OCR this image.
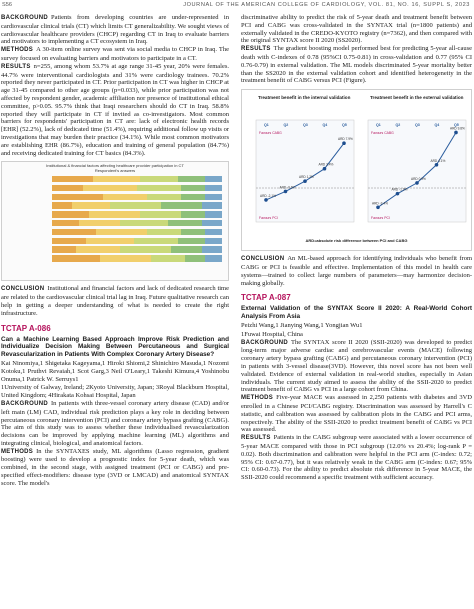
S56	JOURNAL OF THE AMERICAN COLLEGE OF CARDIOLOGY, VOL. 81, NO. 16, SUPPL S, 2023
BACKGROUND Patients from developing countries are under-represented in cardiovascular clinical trials (CT) which limits CT generalizability. We sought views of cardiovascular healthcare providers (CHCP) regarding CT in Iraq to evaluate barriers and motivators to implementing a CT ecosystem in Iraq.
METHODS A 30-item online survey was sent via social media to CHCP in Iraq. The survey focused on evaluating barriers and motivators to participate in a CT.
RESULTS n=255, among whom 53.7% at age range 31-45 year, 20% were females. 44.7% were interventional cardiologists and 31% were cardiology trainees. 70.2% reported they never participated in CT. Prior participation in CT was higher in CHCP at age 31-45 compared to other age groups (p=0.033), while prior participation was not affected by respondent gender, academic affiliation nor presence of institutional ethical committee, p>0.05. 95.7% think that Iraqi researchers should do CT in Iraq. 58.8% reported they will participate in CT if invited as co-investigators. Most common barriers for respondents' participation in CT are: lack of electronic health records [EHR] (52.2%), lack of dedicated time (51.4%), requiring additional follow up visits or investigations that may burden their practice (34.1%). While most common motivators are establishing EHR (86.7%), education and training of general population (84.7%) and receiving dedicated training for CT basics (84.3%).
Institutional & financial factors affecting healthcare provider participation in CT
Respondent's answers
CONCLUSION Institutional and financial factors and lack of dedicated research time are related to the cardiovascular clinical trial lag in Iraq. Future qualitative research can help in getting a deeper understanding of what is needed to create the right infrastructure.
TCTAP A-086
Can a Machine Learning Based Approach Improve Risk Prediction and Individualize Decision Making Between Percutaneous and Surgical Revascularization in Patients With Complex Coronary Artery Disease?
Kai Ninomiya,1 Shigetaka Kageyama,1 Hiroki Shiomi,2 Shinichiro Masuda,1 Nozomi Kotoku,1 Pruthvi Revaiah,1 Scot Garg,3 Neil O'Leary,1 Takeshi Kimura,4 Yoshinobu Onuma,1 Patrick W. Serruys1
1University of Galway, Ireland; 2Kyoto University, Japan; 3Royal Blackburn Hospital, United Kingdom; 4Hirakata Kohsai Hospital, Japan
BACKGROUND In patients with three-vessel coronary artery disease (CAD) and/or left main (LM) CAD, individual risk prediction plays a key role in deciding between percutaneous coronary intervention (PCI) and coronary artery bypass grafting (CABG). The aim of this study was to assess whether these individualised revascularization decisions can be improved by applying machine learning (ML) algorithms and integrating clinical, biological, and anatomical factors.
METHODS In the SYNTAXES study, ML algorithms (Lasso regression, gradient boosting) were used to develop a prognostic index for 5-year death, which was combined, in the second stage, with assigned treatment (PCI or CABG) and pre-specified effect-modifiers: disease type (3VD or LMCAD) and anatomical SYNTAX score. The model's
discriminative ability to predict the risk of 5-year death and treatment benefit between PCI and CABG was cross-validated in the SYNTAX trial (n=1800 patients) and externally validated in the CREDO-KYOTO registry (n=7362), and then compared with the original SYNTAX score II 2020 (SS2020).
RESULTS The gradient boosting model performed best for predicting 5-year all-cause death with C-indexes of 0.78 (95%CI 0.75-0.81) in cross-validation and 0.77 (95% CI 0.76-0.79) in external validation. The ML models discriminated 5-year mortality better than the SS2020 in the external validation cohort and identified heterogeneity in the treatment benefit of CABG versus PCI (Figure).
Treatment benefit in the internal validation	Treatment benefit in the external validation
ARD -2.1%
Q1
ARD -0.6%
Q2
ARD 1.2%
Q3
ARD 3.4%
Q4
ARD 7.9%
Q5
Favours CABG
Favours PCI
ARD -3.4%
Q1
ARD -1.0%
Q2
ARD 0.9%
Q3
ARD 4.1%
Q4
ARD 9.8%
Q5
Favours CABG
Favours PCI
ARD=absolute risk difference between PCI and CABG
CONCLUSION An ML-based approach for identifying individuals who benefit from CABG or PCI is feasible and effective. Implementation of this model in health care systems—trained to collect large numbers of parameters—may harmonize decision-making globally.
TCTAP A-087
External Validation of the SYNTAX Score II 2020: A Real-World Cohort Analysis From Asia
Peizhi Wang,1 Jianying Wang,1 Yongjian Wu1
1Fuwai Hospital, China
BACKGROUND The SYNTAX score II 2020 (SSII-2020) was developed to predict long-term major adverse cardiac and cerebrovascular events (MACE) following coronary artery bypass grafting (CABG) and percutaneous coronary intervention (PCI) in patients with 3-vessel disease(3VD). However, this novel score has not been well validated. Evidence of external validation in real-world studies, especially in Asian individuals. The current study aimed to assess the ability of the SSII-2020 to predict treatment benefit of CABG vs PCI in a large cohort from China.
METHODS Five-year MACE was assessed in 2,250 patients with diabetes and 3VD enrolled in a Chinese PCI/CABG registry. Discrimination was assessed by Harrell's C statistic, and calibration was assessed by calibration plots in the CABG and PCI arms, respectively. The ability of the SSII-2020 to predict treatment benefit of CABG vs PCI was assessed.
RESULTS Patients in the CABG subgroup were associated with a lower occurrence of 5-year MACE compared with those in PCI subgroup (12.0% vs 20.4%; log-rank P = 0.02). Both discrimination and calibration were helpful in the PCI arm (C-index: 0.72; 95% CI: 0.67-0.77), but it was relatively weak in the CABG arm (C-index: 0.67; 95% CI: 0.60-0.73). For the ability to predict absolute risk difference in 5-year MACE, the SSII-2020 could recommend a specific treatment with sufficient accuracy.
